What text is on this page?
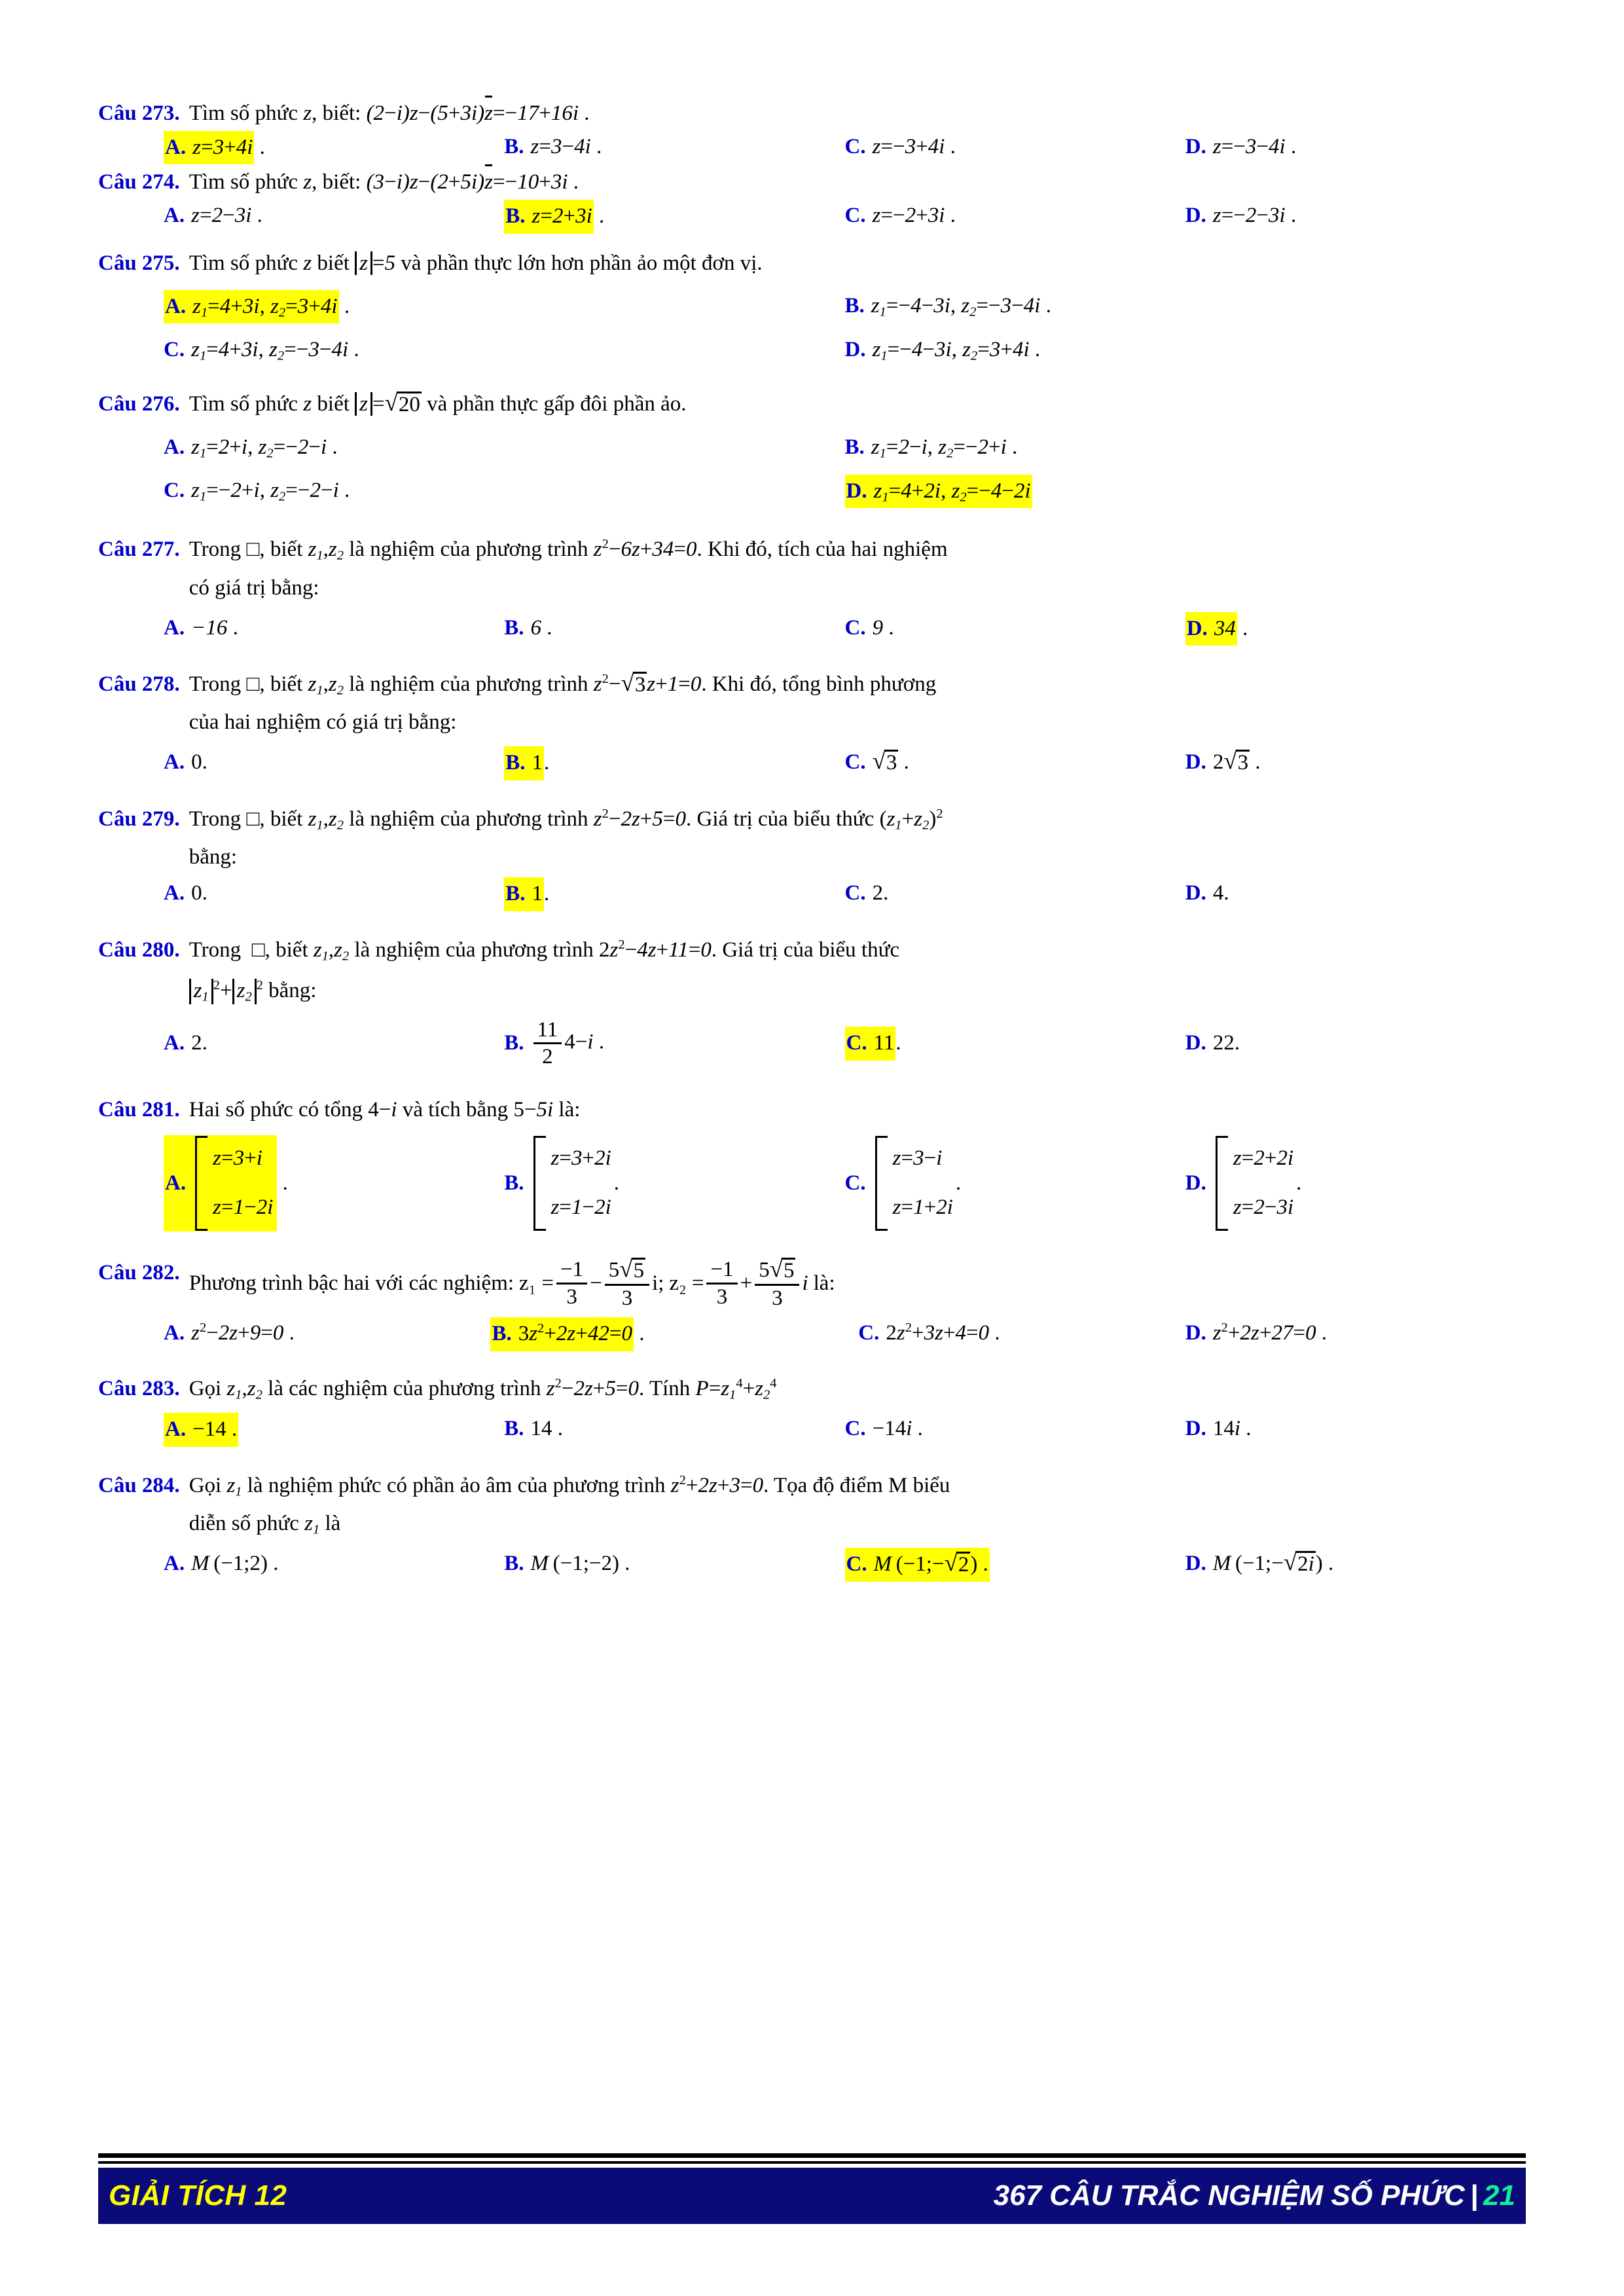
Câu 273. Tìm số phức z, biết: (2−i)z−(5+3i)z=−17+16i .
A. z=3+4i .	B. z=3−4i .	C. z=−3+4i .	D. z=−3−4i .
Câu 274. Tìm số phức z, biết: (3−i)z−(2+5i)z=−10+3i .
A. z=2−3i .	B. z=2+3i .	C. z=−2+3i .	D. z=−2−3i .
Câu 275. Tìm số phức z biết z =5 và phần thực lớn hơn phần ảo một đơn vị.
A. $z_1=4+3i$, $z_2=3+4i$ .	B. $z_1=-4-3i$, $z_2=-3-4i$ .
C. $z_1=4+3i$, $z_2=-3-4i$ .	D. $z_1=-4-3i$, $z_2=3+4i$ .
Câu 276. Tìm số phức z biết z = √ 20 và phần thực gấp đôi phần ảo.
A. $z_1=2+i$, $z_2=-2-i$ .	B. $z_1=2-i$, $z_2=-2+i$ .
C. $z_1=-2+i$, $z_2=-2-i$ .	D. $z_1=4+2i$, $z_2=-4-2i$
Câu 277. Trong □, biết $z_1,z_2$ là nghiệm của phương trình $z^2-6z+34=0$. Khi đó, tích của hai nghiệm
có giá trị bằng:
A. −16 .	B. 6 .	C. 9 .	D. 34 .
Câu 278. Trong □, biết $z_1,z_2$ là nghiệm của phương trình $z^2-$ √ 3 z+1=0. Khi đó, tổng bình phương
của hai nghiệm có giá trị bằng:
A. 0.	B. 1 .	C. √ 3 .	D. 2 √ 3 .
Câu 279. Trong □, biết $z_1,z_2$ là nghiệm của phương trình $z^2-2z+5=0$. Giá trị của biểu thức $(z_1+z_2)^2$
bằng:
A. 0.	B. 1 .	C. 2.	D. 4.
Câu 280. Trong □, biết $z_1,z_2$ là nghiệm của phương trình $2z^2-4z+11=0$. Giá trị của biểu thức
$z_1^2+ z_2^2$ bằng:
A. 2.	B. $\frac{11}{2} 4-i$ .	C. 11 .	D. 22.
Câu 281. Hai số phức có tổng 4−i và tích bằng 5−5i là:
A.
z=3+i
z=1−2i
.	B.
z=3+2i
z=1−2i
.	C.
z=3−i
z=1+2i
.	D.
z=2+2i
z=2−3i
.
Câu 282. Phương trình bậc hai với các nghiệm: $z_1 = \frac{-1}{3} - \frac{5 √ 5}{3} i$; $z_2 = \frac{-1}{3} + \frac{5 √ 5}{3}$ i là:
A. $z^2-2z+9=0$ .	B. $3z^2+2z+42=0$ .	C. $2z^2+3z+4=0$ .	D. $z^2+2z+27=0$ .
Câu 283. Gọi $z_1,z_2$ là các nghiệm của phương trình $z^2-2z+5=0$. Tính $P=z_1^4+z_2^4$
A. −14 .	B. 14 .	C. −14i .	D. 14i .
Câu 284. Gọi $z_1$ là nghiệm phức có phần ảo âm của phương trình $z^2+2z+3=0$. Tọa độ điểm M biểu
diễn số phức $z_1$ là
A. M (−1;2) .	B. M (−1;−2) .	C. M (−1;− √ 2 ) .	D. M (−1;− √ 2i ) .
GIẢI TÍCH 12	367 CÂU TRẮC NGHIỆM SỐ PHỨC | 21
